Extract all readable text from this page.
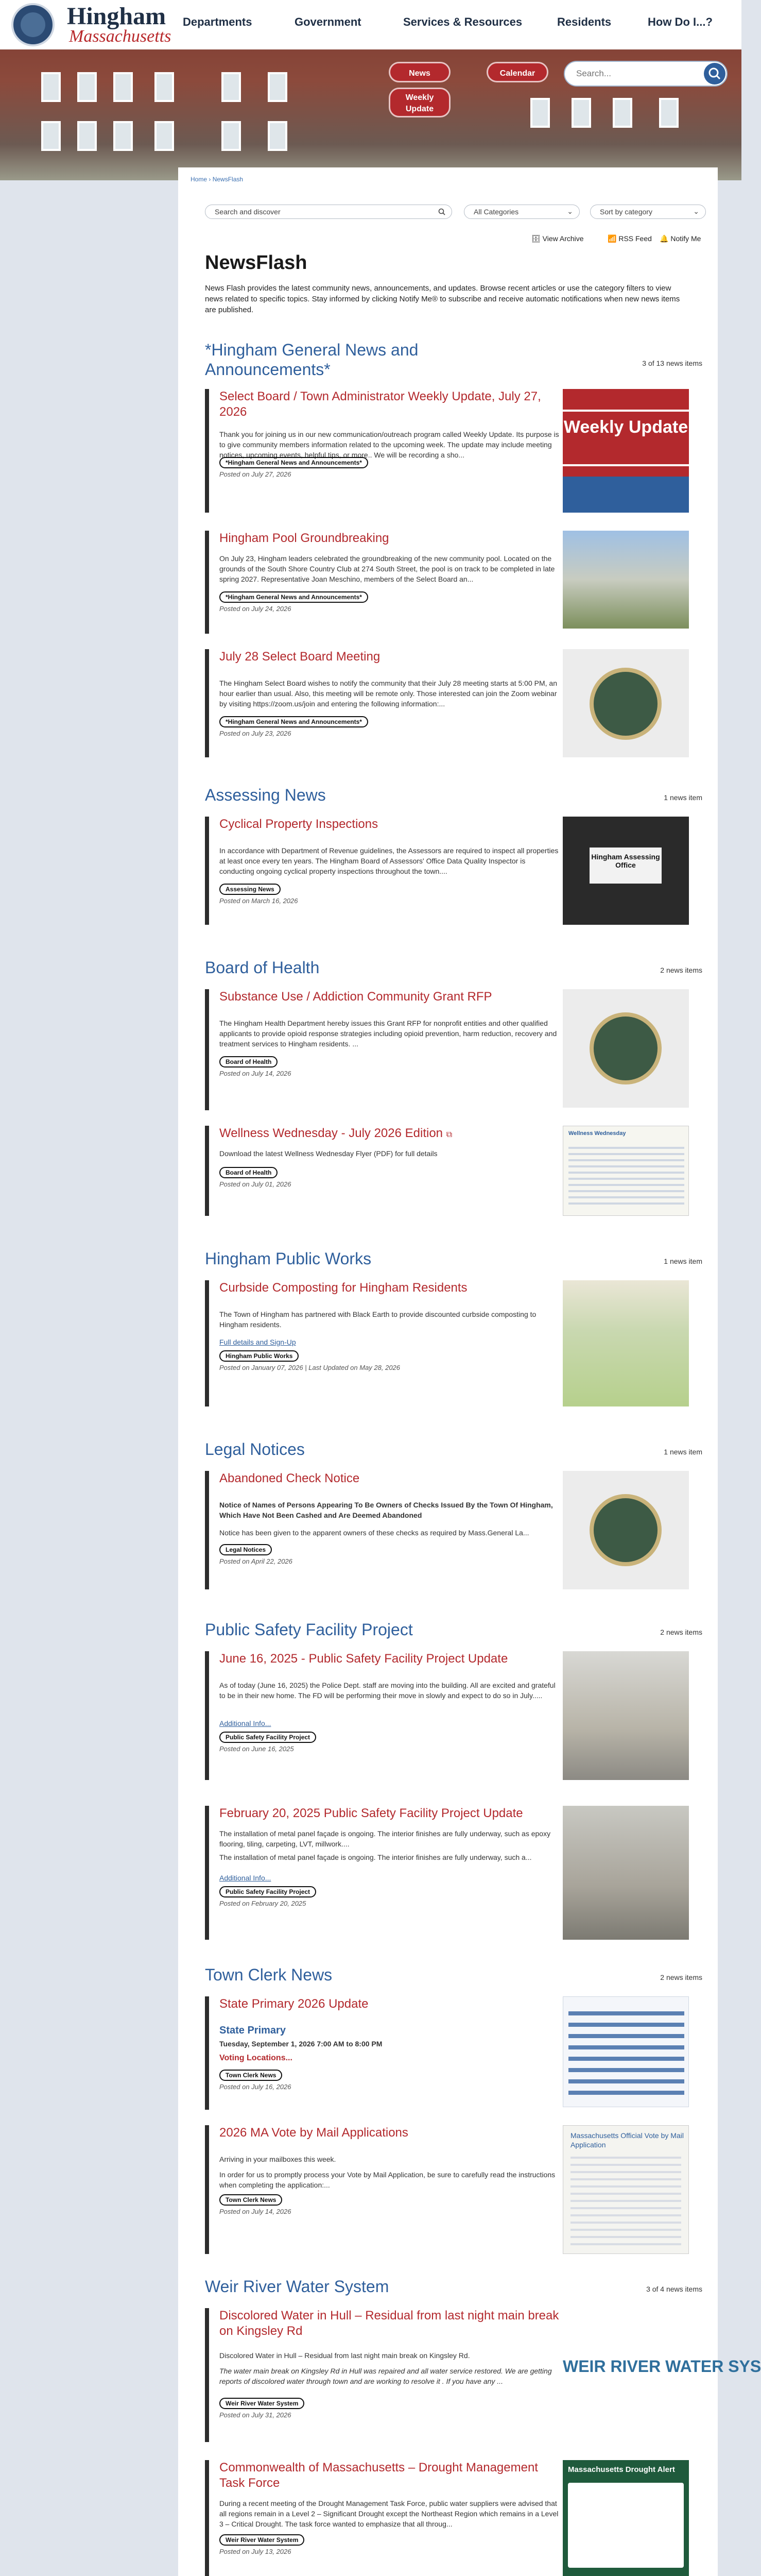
Hingham
Massachusetts
Departments	Government	Services & Resources	Residents	How Do I...?
News	Calendar
Weekly Update
Search...
Home › NewsFlash
Search and discover	All Categories	⌄	Sort by category	⌄
🗄 View Archive	📶 RSS Feed 🔔 Notify Me
NewsFlash

News Flash provides the latest community news, announcements, and updates. Browse recent articles or use the category filters to view news related to specific topics. Stay informed by clicking Notify Me® to subscribe and receive automatic notifications when new news items are published.

*Hingham General News and Announcements*	3 of 13 news items
Select Board / Town Administrator Weekly Update, July 27, 2026

Thank you for joining us in our new communication/outreach program called Weekly Update. Its purpose is to give community members information related to the upcoming week. The update may include meeting notices, upcoming events, helpful tips, or more.. We will be recording a sho...

*Hingham General News and Announcements*
Posted on July 27, 2026
Weekly Update
Hingham Pool Groundbreaking

On July 23, Hingham leaders celebrated the groundbreaking of the new community pool. Located on the grounds of the South Shore Country Club at 274 South Street, the pool is on track to be completed in late spring 2027. Representative Joan Meschino, members of the Select Board an...

*Hingham General News and Announcements*
Posted on July 24, 2026
July 28 Select Board Meeting

The Hingham Select Board wishes to notify the community that their July 28 meeting starts at 5:00 PM, an hour earlier than usual. Also, this meeting will be remote only. Those interested can join the Zoom webinar by visiting https://zoom.us/join and entering the following information:...

*Hingham General News and Announcements*
Posted on July 23, 2026
Assessing News	1 news item
Cyclical Property Inspections

In accordance with Department of Revenue guidelines, the Assessors are required to inspect all properties at least once every ten years. The Hingham Board of Assessors' Office Data Quality Inspector is conducting ongoing cyclical property inspections throughout the town....

Assessing News
Posted on March 16, 2026
Hingham Assessing Office
Board of Health	2 news items
Substance Use / Addiction Community Grant RFP

The Hingham Health Department hereby issues this Grant RFP for nonprofit entities and other qualified applicants to provide opioid response strategies including opioid prevention, harm reduction, recovery and treatment services to Hingham residents. ...

Board of Health
Posted on July 14, 2026
Wellness Wednesday - July 2026 Edition ⧉

Download the latest Wellness Wednesday Flyer (PDF) for full details

Board of Health
Posted on July 01, 2026
Wellness Wednesday
Hingham Public Works	1 news item
Curbside Composting for Hingham Residents

The Town of Hingham has partnered with Black Earth to provide discounted curbside composting to Hingham residents.

Full details and Sign-Up
Hingham Public Works
Posted on January 07, 2026 | Last Updated on May 28, 2026
Legal Notices	1 news item
Abandoned Check Notice

Notice of Names of Persons Appearing To Be Owners of Checks Issued By the Town Of Hingham, Which Have Not Been Cashed and Are Deemed Abandoned

Notice has been given to the apparent owners of these checks as required by Mass.General La...

Legal Notices
Posted on April 22, 2026
Public Safety Facility Project	2 news items
June 16, 2025 - Public Safety Facility Project Update

As of today (June 16, 2025) the Police Dept. staff are moving into the building. All are excited and grateful to be in their new home. The FD will be performing their move in slowly and expect to do so in July.....

Additional Info...
Public Safety Facility Project
Posted on June 16, 2025
February 20, 2025 Public Safety Facility Project Update

The installation of metal panel façade is ongoing. The interior finishes are fully underway, such as epoxy flooring, tiling, carpeting, LVT, millwork....

The installation of metal panel façade is ongoing. The interior finishes are fully underway, such a...

Additional Info...
Public Safety Facility Project
Posted on February 20, 2025
Town Clerk News	2 news items
State Primary 2026 Update
State Primary
Tuesday, September 1, 2026 7:00 AM to 8:00 PM
Voting Locations...
Town Clerk News
Posted on July 16, 2026
2026 MA Vote by Mail Applications

Arriving in your mailboxes this week.

In order for us to promptly process your Vote by Mail Application, be sure to carefully read the instructions when completing the application:...

Town Clerk News
Posted on July 14, 2026
Massachusetts Official Vote by Mail Application
Weir River Water System	3 of 4 news items
Discolored Water in Hull – Residual from last night main break on Kingsley Rd

Discolored Water in Hull – Residual from last night main break on Kingsley Rd.

The water main break on Kingsley Rd in Hull was repaired and all water service restored. We are getting reports of discolored water through town and are working to resolve it . If you have any ...

Weir River Water System
Posted on July 31, 2026
WEIR RIVER WATER SYS
Commonwealth of Massachusetts – Drought Management Task Force

During a recent meeting of the Drought Management Task Force, public water suppliers were advised that all regions remain in a Level 2 – Significant Drought except the Northeast Region which remains in a Level 3 – Critical Drought. The task force wanted to emphasize that all throug...

Weir River Water System
Posted on July 13, 2026
Massachusetts Drought Alert
